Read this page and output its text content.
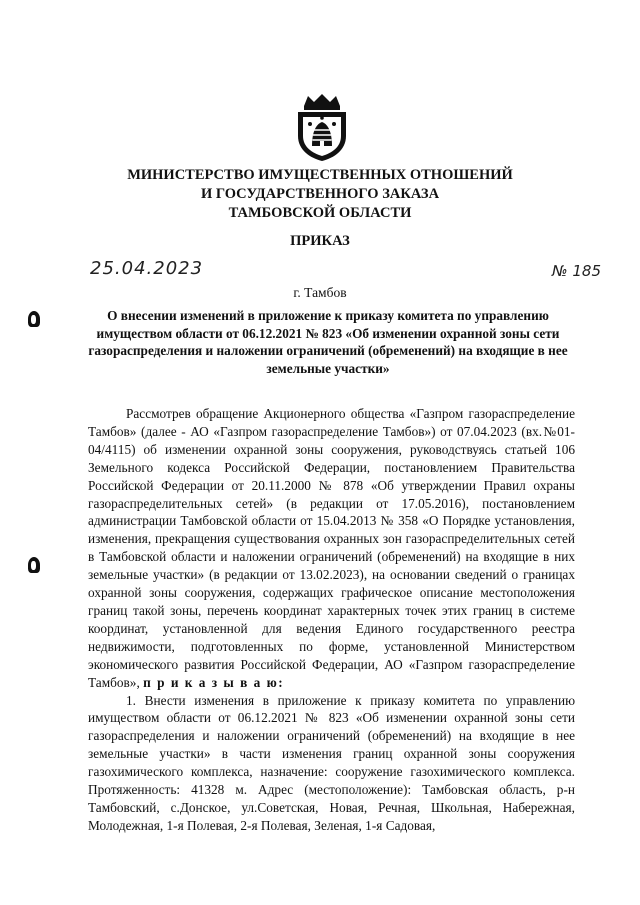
МИНИСТЕРСТВО ИМУЩЕСТВЕННЫХ ОТНОШЕНИЙ
И ГОСУДАРСТВЕННОГО ЗАКАЗА
ТАМБОВСКОЙ ОБЛАСТИ
ПРИКАЗ
25.04.2023	№ 185
г. Тамбов
О внесении изменений в приложение к приказу комитета по управлению имуществом области от 06.12.2021 № 823 «Об изменении охранной зоны сети газораспределения и наложении ограничений (обременений) на входящие в нее земельные участки»

Рассмотрев обращение Акционерного общества «Газпром газораспределение Тамбов» (далее - АО «Газпром газораспределение Тамбов») от 07.04.2023 (вх.№01-04/4115) об изменении охранной зоны сооружения, руководствуясь статьей 106 Земельного кодекса Российской Федерации, постановлением Правительства Российской Федерации от 20.11.2000 № 878 «Об утверждении Правил охраны газораспределительных сетей» (в редакции от 17.05.2016), постановлением администрации Тамбовской области от 15.04.2013 № 358 «О Порядке установления, изменения, прекращения существования охранных зон газораспределительных сетей в Тамбовской области и наложении ограничений (обременений) на входящие в них земельные участки» (в редакции от 13.02.2023), на основании сведений о границах охранной зоны сооружения, содержащих графическое описание местоположения границ такой зоны, перечень координат характерных точек этих границ в системе координат, установленной для ведения Единого государственного реестра недвижимости, подготовленных по форме, установленной Министерством экономического развития Российской Федерации, АО «Газпром газораспределение Тамбов», п р и к а з ы в а ю:

1. Внести изменения в приложение к приказу комитета по управлению имуществом области от 06.12.2021 № 823 «Об изменении охранной зоны сети газораспределения и наложении ограничений (обременений) на входящие в нее земельные участки» в части изменения границ охранной зоны сооружения газохимического комплекса, назначение: сооружение газохимического комплекса. Протяженность: 41328 м. Адрес (местоположение): Тамбовская область, р-н Тамбовский, с.Донское, ул.Советская, Новая, Речная, Школьная, Набережная, Молодежная, 1-я Полевая, 2-я Полевая, Зеленая, 1-я Садовая,
